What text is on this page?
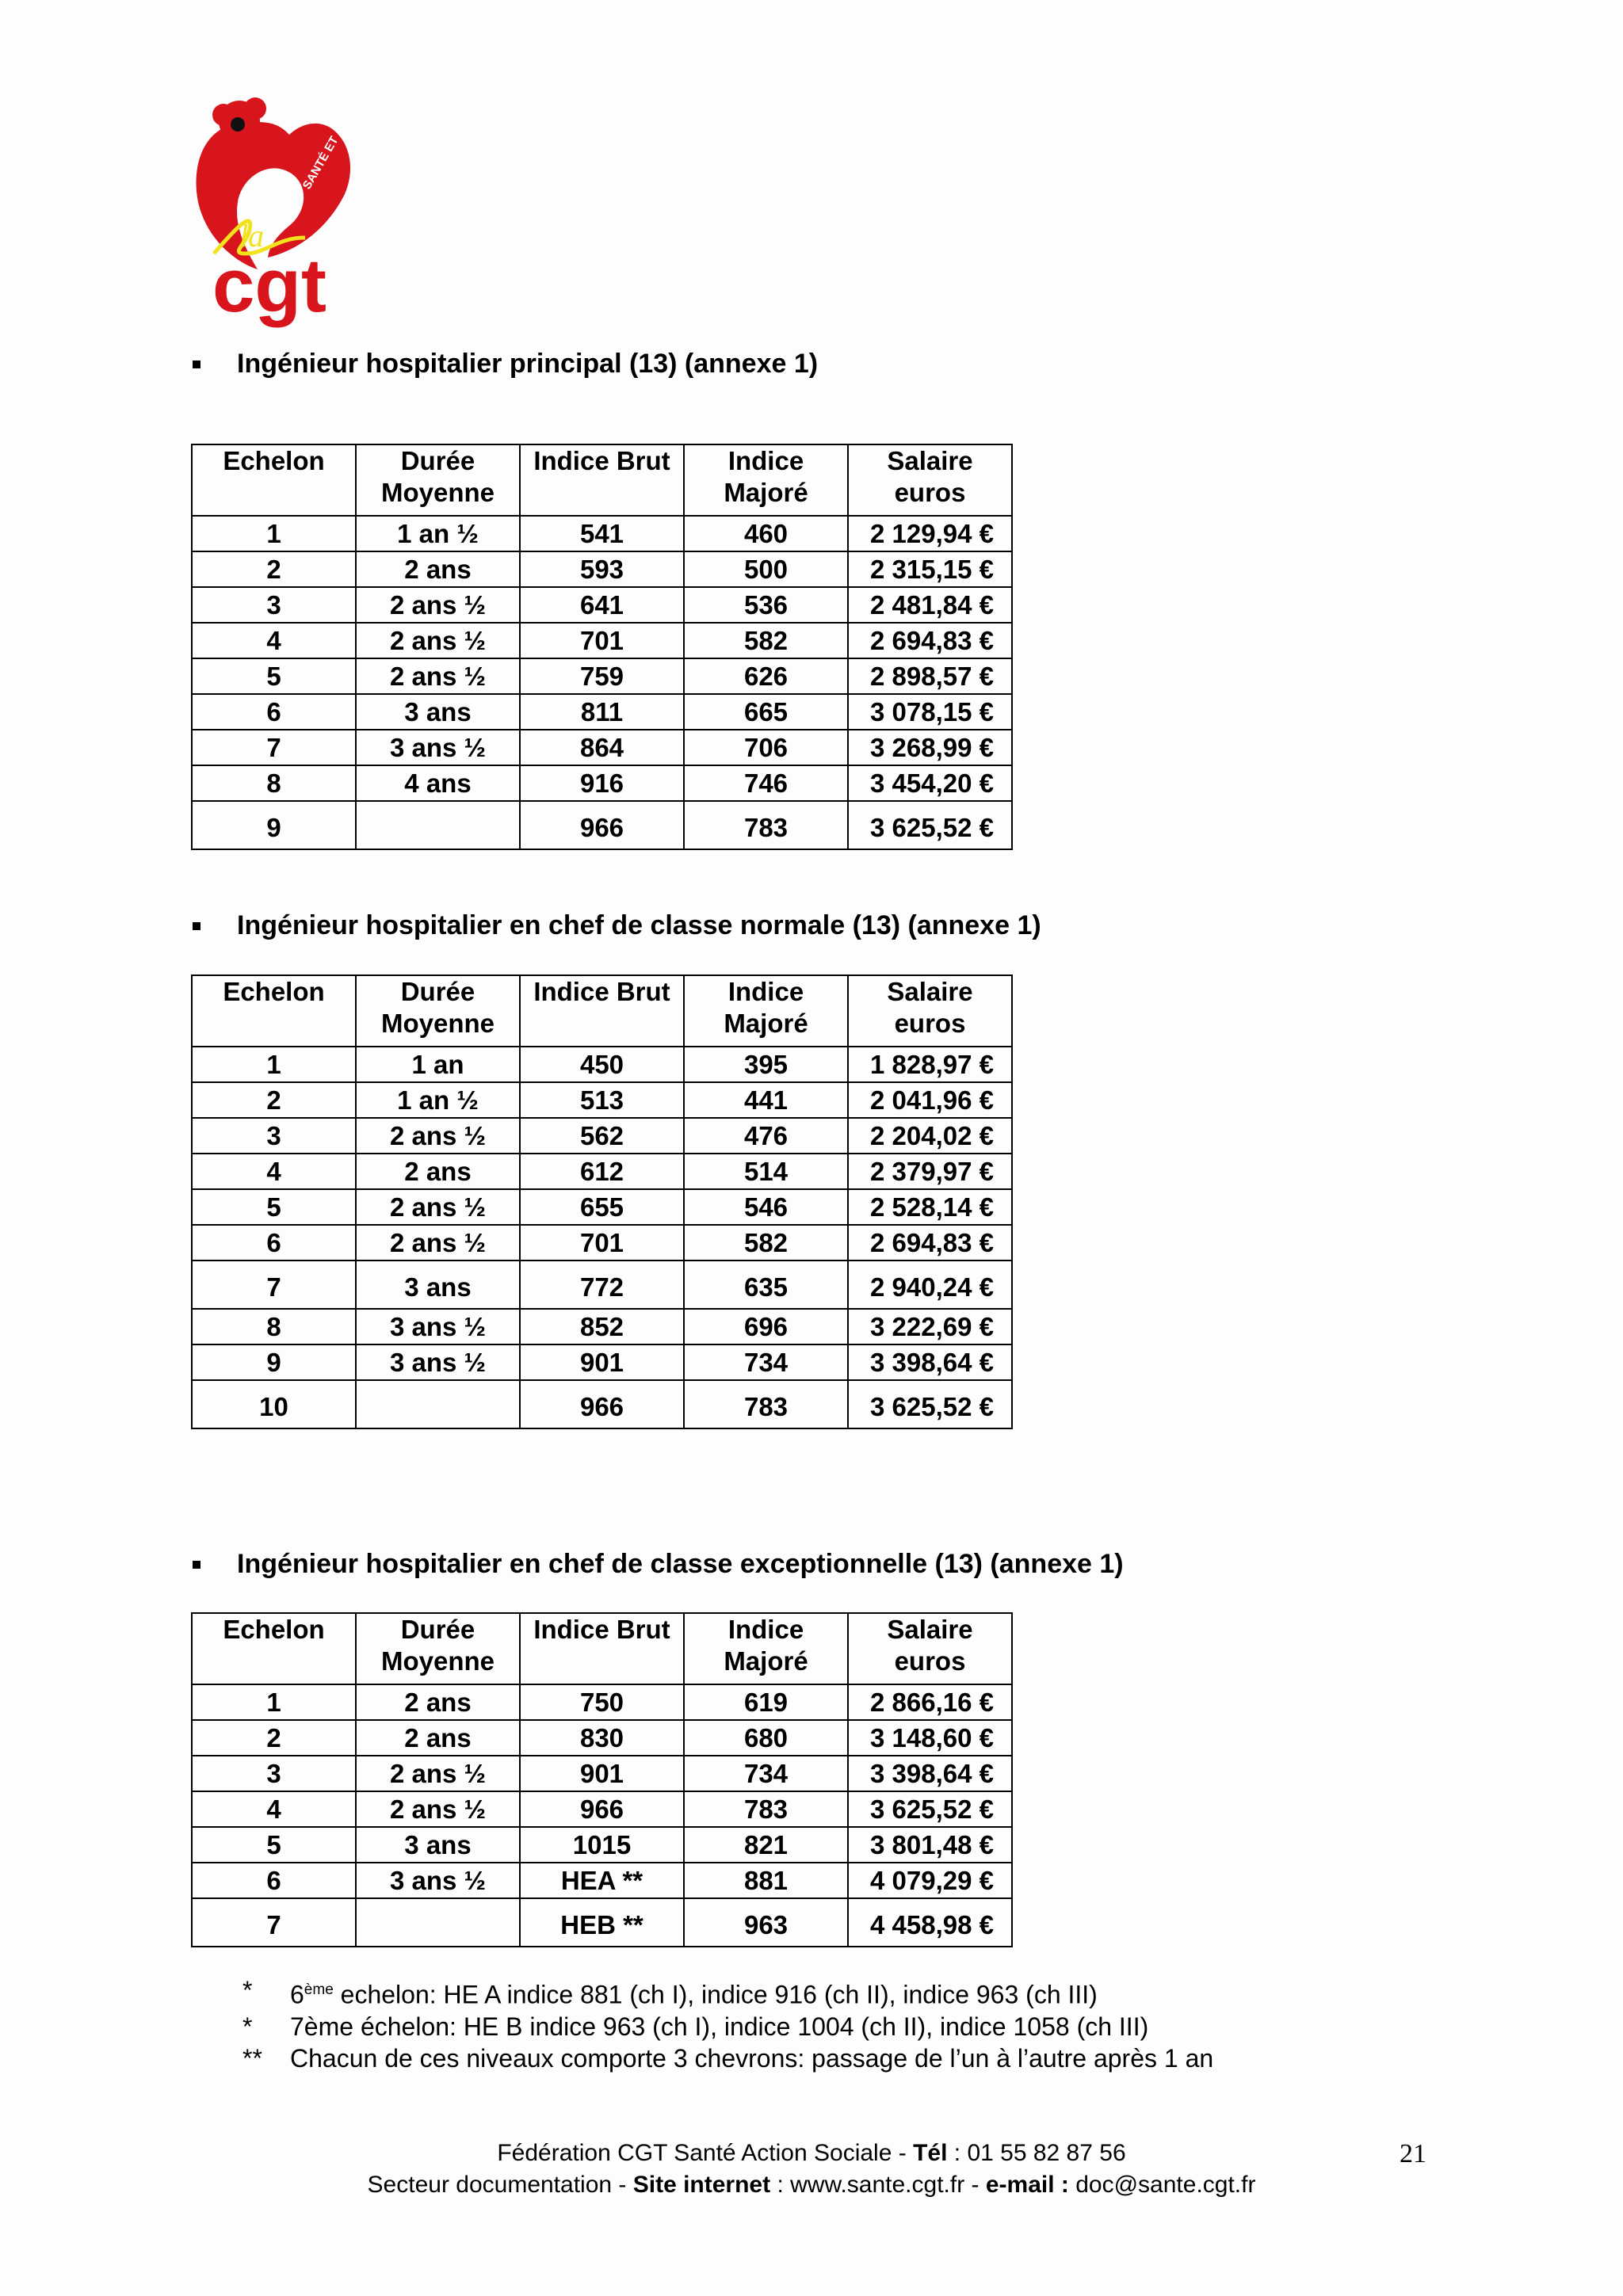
SANTÉ ET ACTION SOCIALE
cgt
la
Ingénieur hospitalier principal (13) (annexe 1)
Echelon	Durée Moyenne	Indice Brut	Indice Majoré	Salaire euros
1	1 an ½	541	460	2 129,94 €
2	2 ans	593	500	2 315,15 €
3	2 ans ½	641	536	2 481,84 €
4	2 ans ½	701	582	2 694,83 €
5	2 ans ½	759	626	2 898,57 €
6	3 ans	811	665	3 078,15 €
7	3 ans ½	864	706	3 268,99 €
8	4 ans	916	746	3 454,20 €
9		966	783	3 625,52 €
Ingénieur hospitalier en chef de classe normale (13) (annexe 1)
Echelon	Durée Moyenne	Indice Brut	Indice Majoré	Salaire euros
1	1 an	450	395	1 828,97 €
2	1 an ½	513	441	2 041,96 €
3	2 ans ½	562	476	2 204,02 €
4	2 ans	612	514	2 379,97 €
5	2 ans ½	655	546	2 528,14 €
6	2 ans ½	701	582	2 694,83 €
7	3 ans	772	635	2 940,24 €
8	3 ans ½	852	696	3 222,69 €
9	3 ans ½	901	734	3 398,64 €
10		966	783	3 625,52 €
Ingénieur hospitalier en chef de classe exceptionnelle (13) (annexe 1)
Echelon	Durée Moyenne	Indice Brut	Indice Majoré	Salaire euros
1	2 ans	750	619	2 866,16 €
2	2 ans	830	680	3 148,60 €
3	2 ans ½	901	734	3 398,64 €
4	2 ans ½	966	783	3 625,52 €
5	3 ans	1015	821	3 801,48 €
6	3 ans ½	HEA **	881	4 079,29 €
7		HEB **	963	4 458,98 €
*	6ème echelon: HE A indice 881 (ch I), indice 916 (ch II), indice 963 (ch III)
*	7ème échelon: HE B indice 963 (ch I), indice 1004 (ch II), indice 1058 (ch III)
**	Chacun de ces niveaux comporte 3 chevrons: passage de l’un à l’autre après 1 an
Fédération CGT Santé Action Sociale - Tél : 01 55 82 87 56
Secteur documentation - Site internet : www.sante.cgt.fr - e-mail : doc@sante.cgt.fr
21
